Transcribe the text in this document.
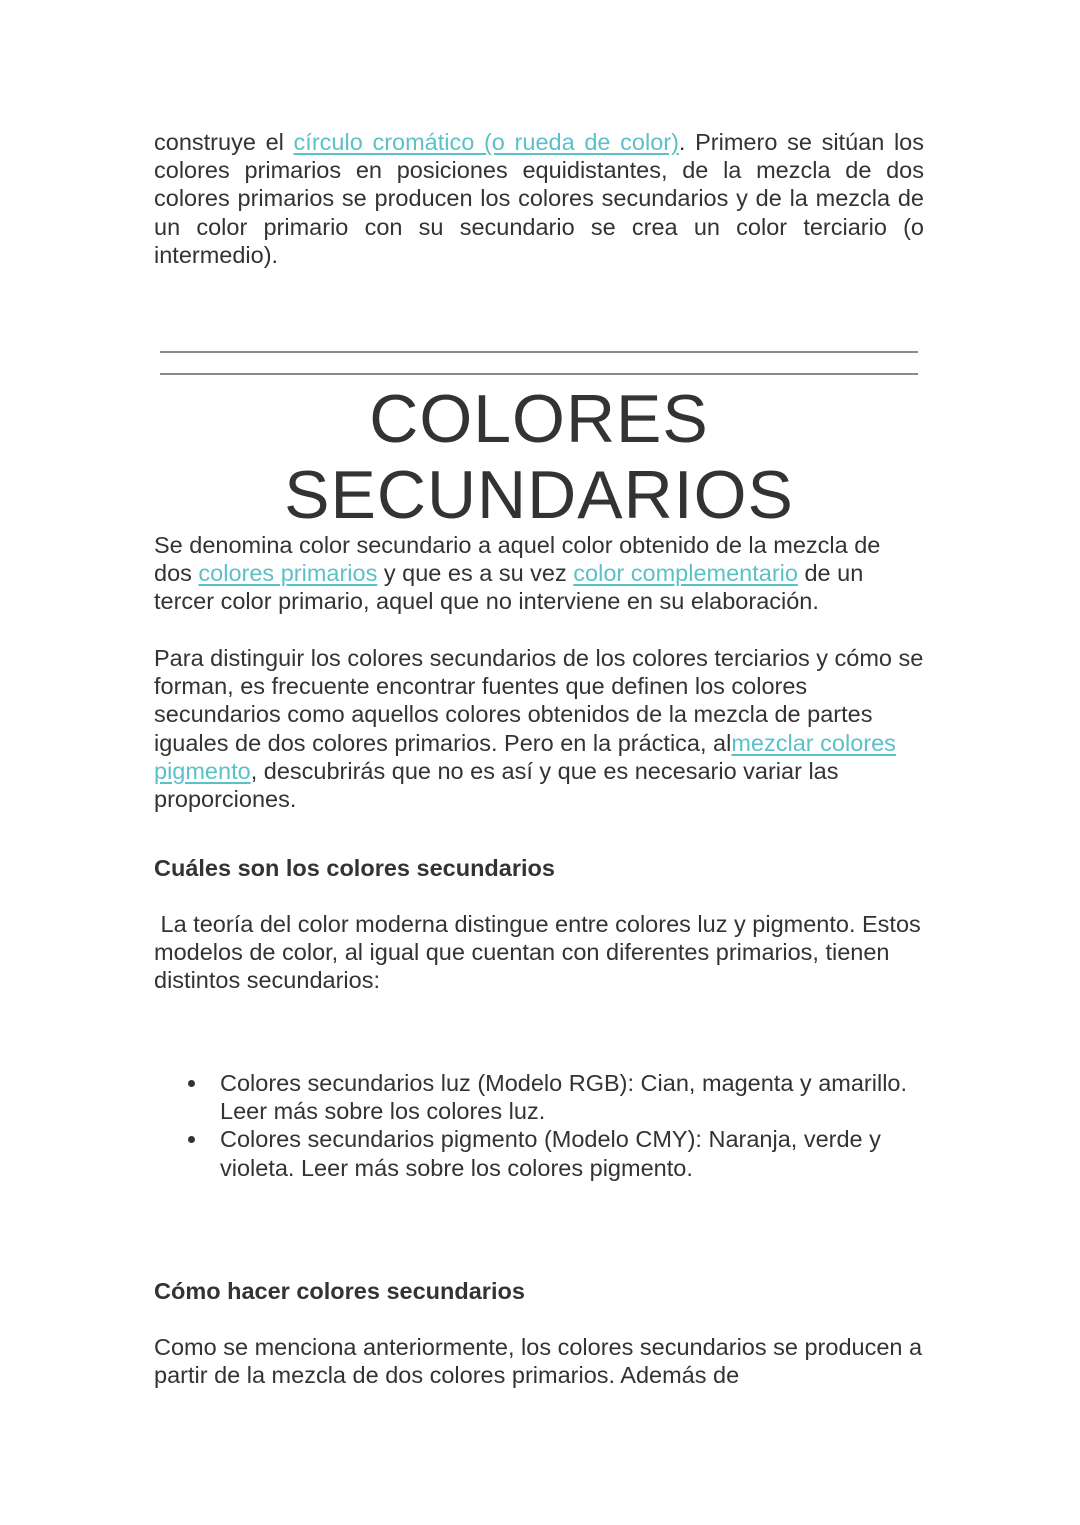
construye el círculo cromático (o rueda de color). Primero se sitúan los colores primarios en posiciones equidistantes, de la mezcla de dos colores primarios se producen los colores secundarios y de la mezcla de un color primario con su secundario se crea un color terciario (o intermedio).

COLORES
SECUNDARIOS

Se denomina color secundario a aquel color obtenido de la mezcla de dos colores primarios y que es a su vez color complementario de un tercer color primario, aquel que no interviene en su elaboración.

Para distinguir los colores secundarios de los colores terciarios y cómo se forman, es frecuente encontrar fuentes que definen los colores secundarios como aquellos colores obtenidos de la mezcla de partes iguales de dos colores primarios. Pero en la práctica, almezclar colores pigmento, descubrirás que no es así y que es necesario variar las proporciones.

Cuáles son los colores secundarios

La teoría del color moderna distingue entre colores luz y pigmento. Estos modelos de color, al igual que cuentan con diferentes primarios, tienen distintos secundarios:

Colores secundarios luz (Modelo RGB): Cian, magenta y amarillo. Leer más sobre los colores luz.
Colores secundarios pigmento (Modelo CMY): Naranja, verde y violeta. Leer más sobre los colores pigmento.
Cómo hacer colores secundarios

Como se menciona anteriormente, los colores secundarios se producen a partir de la mezcla de dos colores primarios. Además de
